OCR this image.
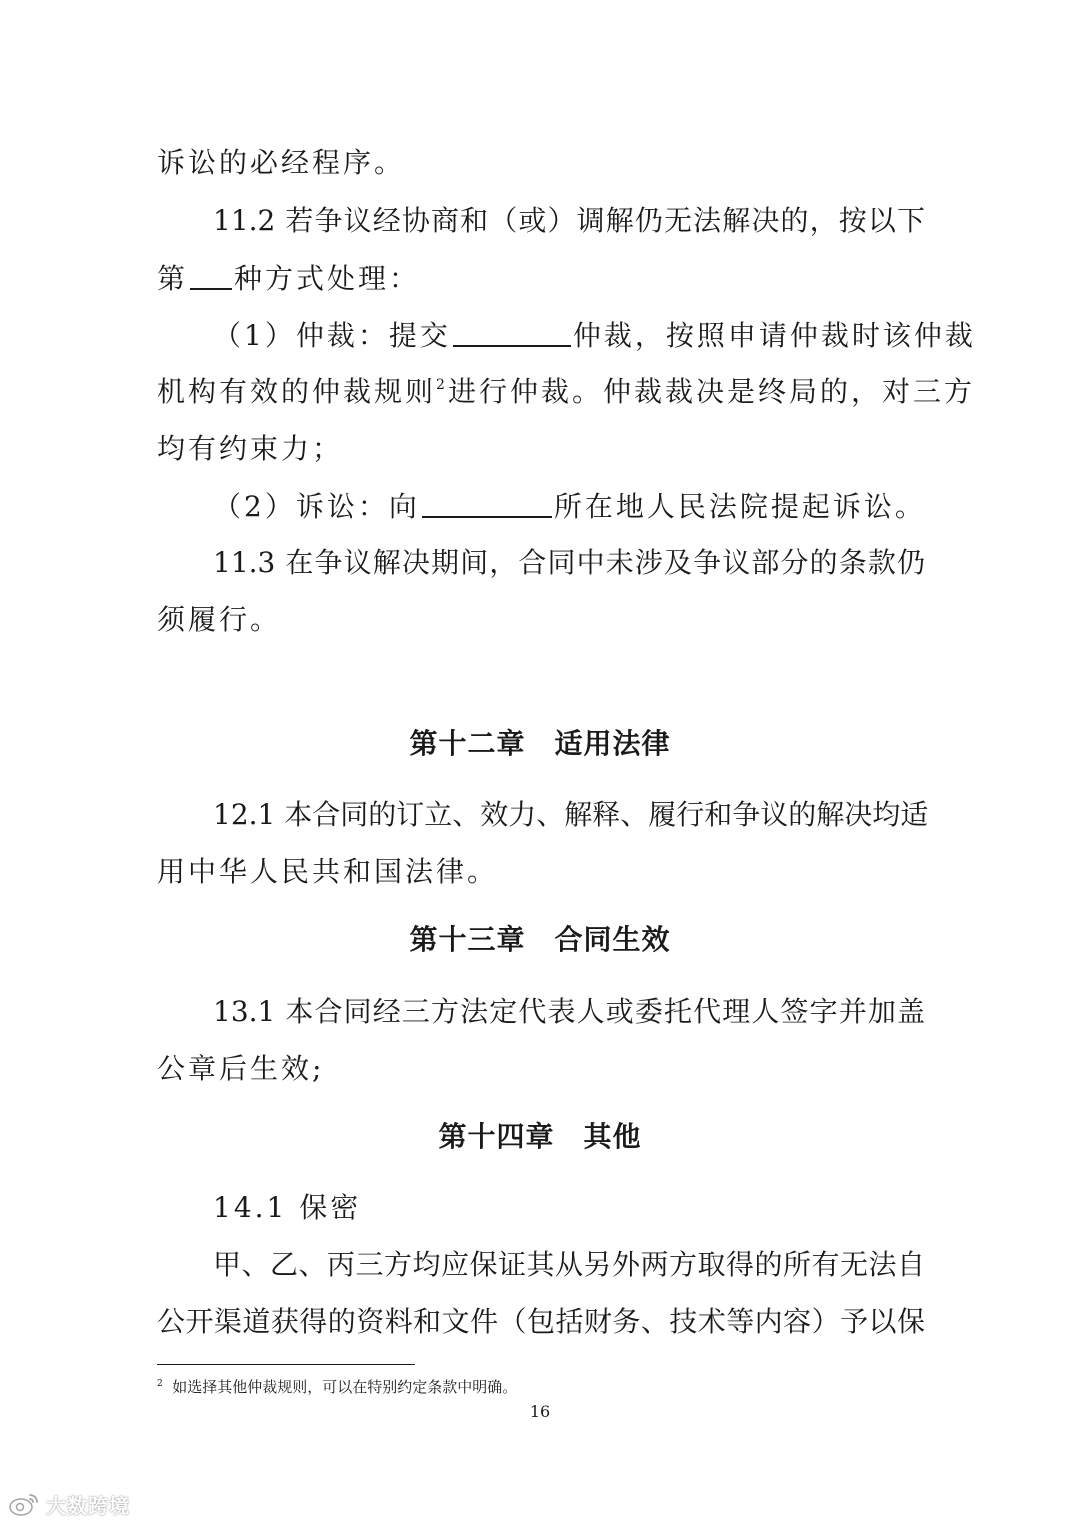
诉讼的必经程序。
11.2 若争议经协商和（或）调解仍无法解决的，按以下
第 种方式处理：
（1）仲裁：提交	仲裁，按照申请仲裁时该仲裁
机构有效的仲裁规则$^2$进行仲裁。仲裁裁决是终局的，对三方
均有约束力；
（2）诉讼：向	所在地人民法院提起诉讼。
11.3 在争议解决期间，合同中未涉及争议部分的条款仍
须履行。
第十二章　适用法律
12.1 本合同的订立、效力、解释、履行和争议的解决均适
用中华人民共和国法律。
第十三章　合同生效
13.1 本合同经三方法定代表人或委托代理人签字并加盖
公章后生效;
第十四章　其他
14.1 保密
甲、乙、丙三方均应保证其从另外两方取得的所有无法自
公开渠道获得的资料和文件（包括财务、技术等内容）予以保
$^2$ 如选择其他仲裁规则，可以在特别约定条款中明确。
16
大数跨境
